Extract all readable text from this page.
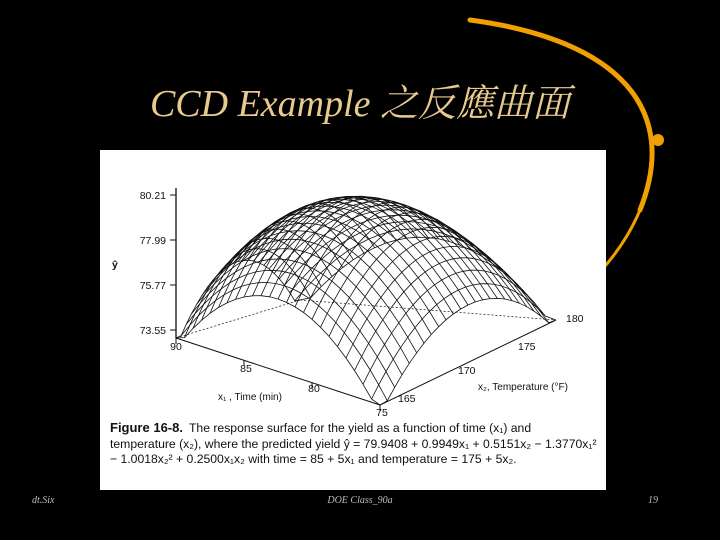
CCD Example 之反應曲面
80.21
77.99
75.77
73.55
ŷ
90
85
80
75
x₁ , Time (min)	165
170
175
180
x₂, Temperature (°F)
Figure 16-8. The response surface for the yield as a function of time (x₁) and temperature (x₂), where the predicted yield ŷ = 79.9408 + 0.9949x₁ + 0.5151x₂ − 1.3770x₁² − 1.0018x₂² + 0.2500x₁x₂ with time = 85 + 5x₁ and temperature = 175 + 5x₂.
dt.Six	DOE Class_90a	19
